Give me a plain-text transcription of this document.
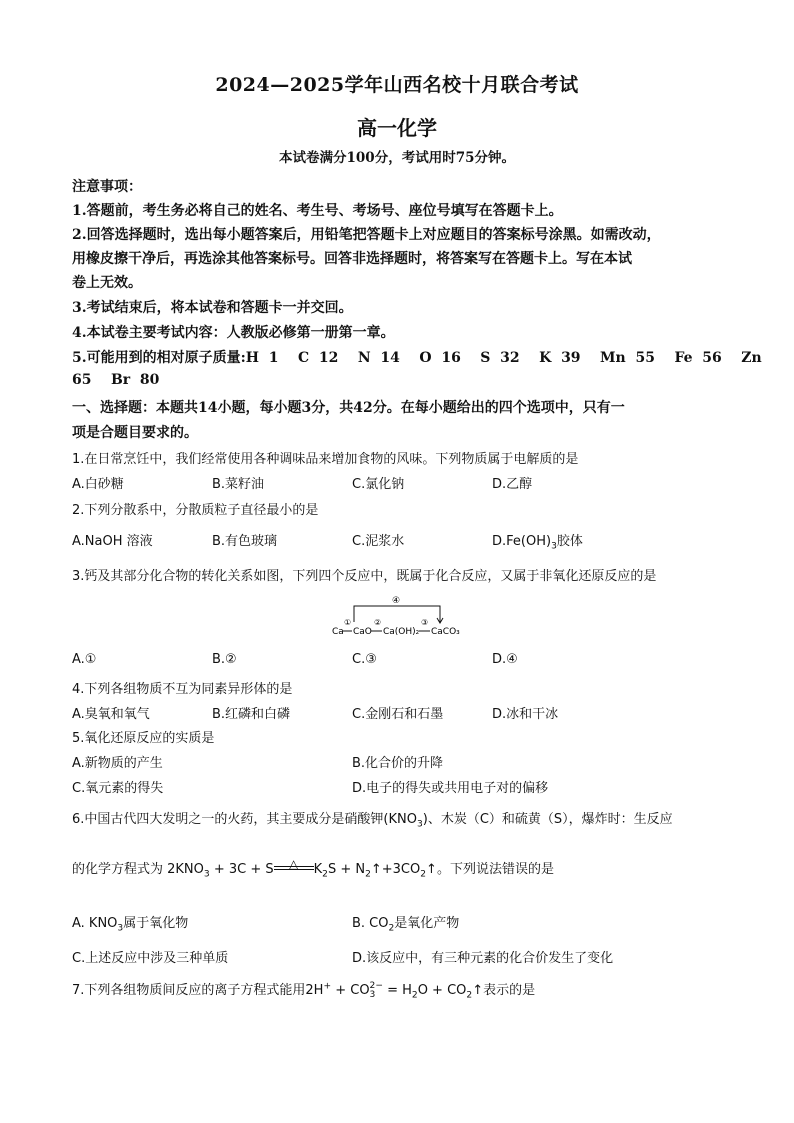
2024—2025学年山西名校十月联合考试
高一化学
本试卷满分100分，考试用时75分钟。
注意事项：
1.答题前，考生务必将自己的姓名、考生号、考场号、座位号填写在答题卡上。
2.回答选择题时，选出每小题答案后，用铅笔把答题卡上对应题目的答案标号涂黑。如需改动，
用橡皮擦干净后，再选涂其他答案标号。回答非选择题时，将答案写在答题卡上。写在本试
卷上无效。
3.考试结束后，将本试卷和答题卡一并交回。
4.本试卷主要考试内容：人教版必修第一册第一章。
5.可能用到的相对原子质量:H  1    C  12    N  14    O  16    S  32    K  39    Mn  55    Fe  56    Zn
65    Br  80
一、选择题：本题共14小题，每小题3分，共42分。在每小题给出的四个选项中，只有一
项是合题目要求的。
1.在日常烹饪中，我们经常使用各种调味品来增加食物的风味。下列物质属于电解质的是
A.白砂糖	B.菜籽油	C.氯化钠	D.乙醇
2.下列分散系中，分散质粒子直径最小的是
A.NaOH 溶液	B.有色玻璃	C.泥浆水	$D.Fe(OH)_3$胶体
3.钙及其部分化合物的转化关系如图，下列四个反应中，既属于化合反应，又属于非氧化还原反应的是
④
Ca
①
CaO
②
Ca(OH)₂
③
CaCO₃
A.①	B.②	C.③	D.④
4.下列各组物质不互为同素异形体的是
A.臭氧和氧气	B.红磷和白磷	C.金刚石和石墨	D.冰和干冰
5.氧化还原反应的实质是
A.新物质的产生	B.化合价的升降
C.氧元素的得失	D.电子的得失或共用电子对的偏移
6.中国古代四大发明之一的火药，其主要成分是硝酸钾$(KNO_3)$、木炭（C）和硫黄（S），爆炸时：生反应
的化学方程式为 $2KNO_3 + 3C + S$	△	$K_2S$ + $N_2↑+3CO_2↑$。下列说法错误的是
A. $KNO_3$属于氧化物	B. $CO_2$是氧化产物
C.上述反应中涉及三种单质	D.该反应中，有三种元素的化合价发生了变化
7.下列各组物质间反应的离子方程式能用2H+ + CO 2−
$3 = H_2O$ + $CO_2↑$表示的是
